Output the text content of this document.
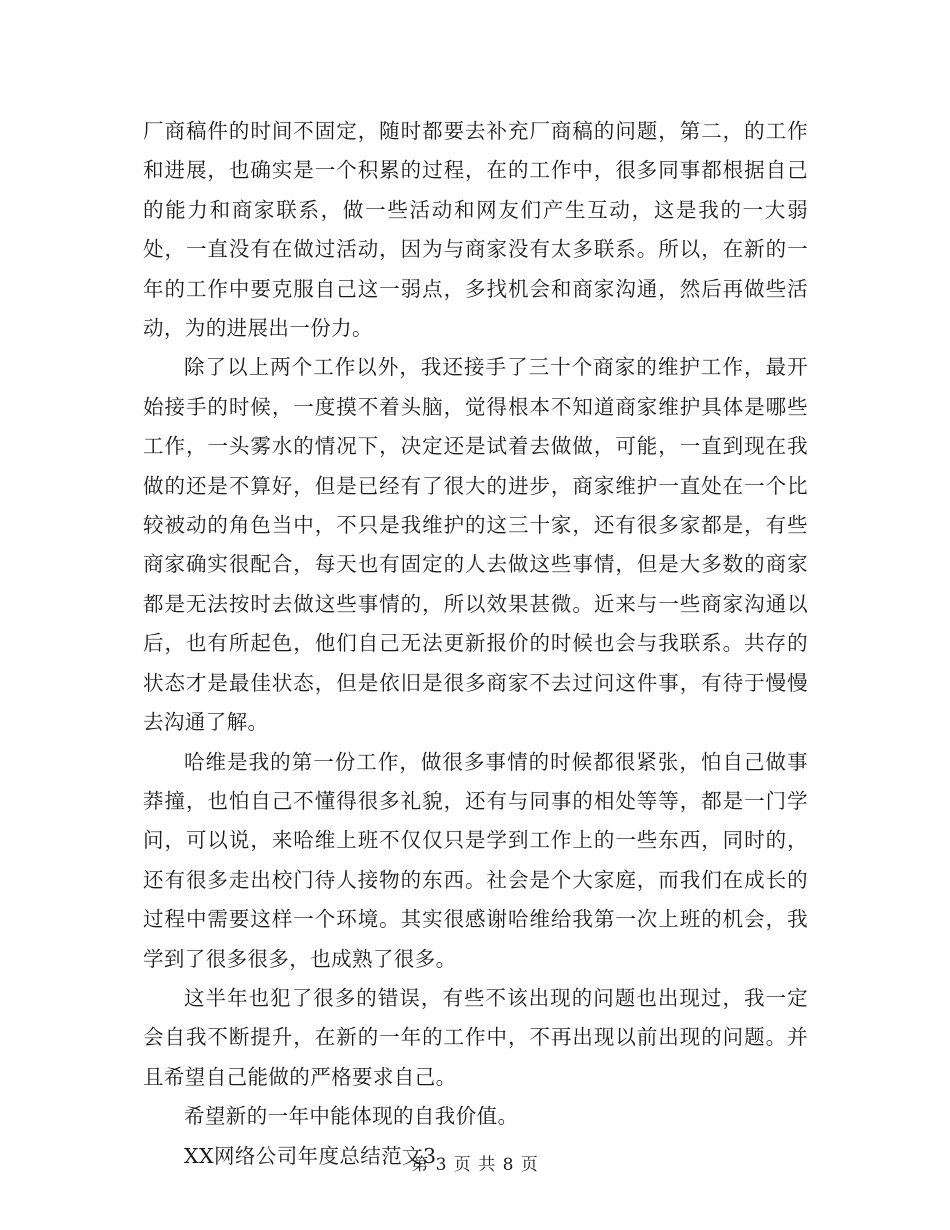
厂商稿件的时间不固定，随时都要去补充厂商稿的问题，第二，的工作和进展，也确实是一个积累的过程，在的工作中，很多同事都根据自己的能力和商家联系，做一些活动和网友们产生互动，这是我的一大弱处，一直没有在做过活动，因为与商家没有太多联系。所以，在新的一年的工作中要克服自己这一弱点，多找机会和商家沟通，然后再做些活动，为的进展出一份力。

除了以上两个工作以外，我还接手了三十个商家的维护工作，最开始接手的时候，一度摸不着头脑，觉得根本不知道商家维护具体是哪些工作，一头雾水的情况下，决定还是试着去做做，可能，一直到现在我做的还是不算好，但是已经有了很大的进步，商家维护一直处在一个比较被动的角色当中，不只是我维护的这三十家，还有很多家都是，有些商家确实很配合，每天也有固定的人去做这些事情，但是大多数的商家都是无法按时去做这些事情的，所以效果甚微。近来与一些商家沟通以后，也有所起色，他们自己无法更新报价的时候也会与我联系。共存的状态才是最佳状态，但是依旧是很多商家不去过问这件事，有待于慢慢去沟通了解。

哈维是我的第一份工作，做很多事情的时候都很紧张，怕自己做事莽撞，也怕自己不懂得很多礼貌，还有与同事的相处等等，都是一门学问，可以说，来哈维上班不仅仅只是学到工作上的一些东西，同时的，还有很多走出校门待人接物的东西。社会是个大家庭，而我们在成长的过程中需要这样一个环境。其实很感谢哈维给我第一次上班的机会，我学到了很多很多，也成熟了很多。

这半年也犯了很多的错误，有些不该出现的问题也出现过，我一定会自我不断提升，在新的一年的工作中，不再出现以前出现的问题。并且希望自己能做的严格要求自己。

希望新的一年中能体现的自我价值。

XX网络公司年度总结范文3

第 3 页 共 8 页
